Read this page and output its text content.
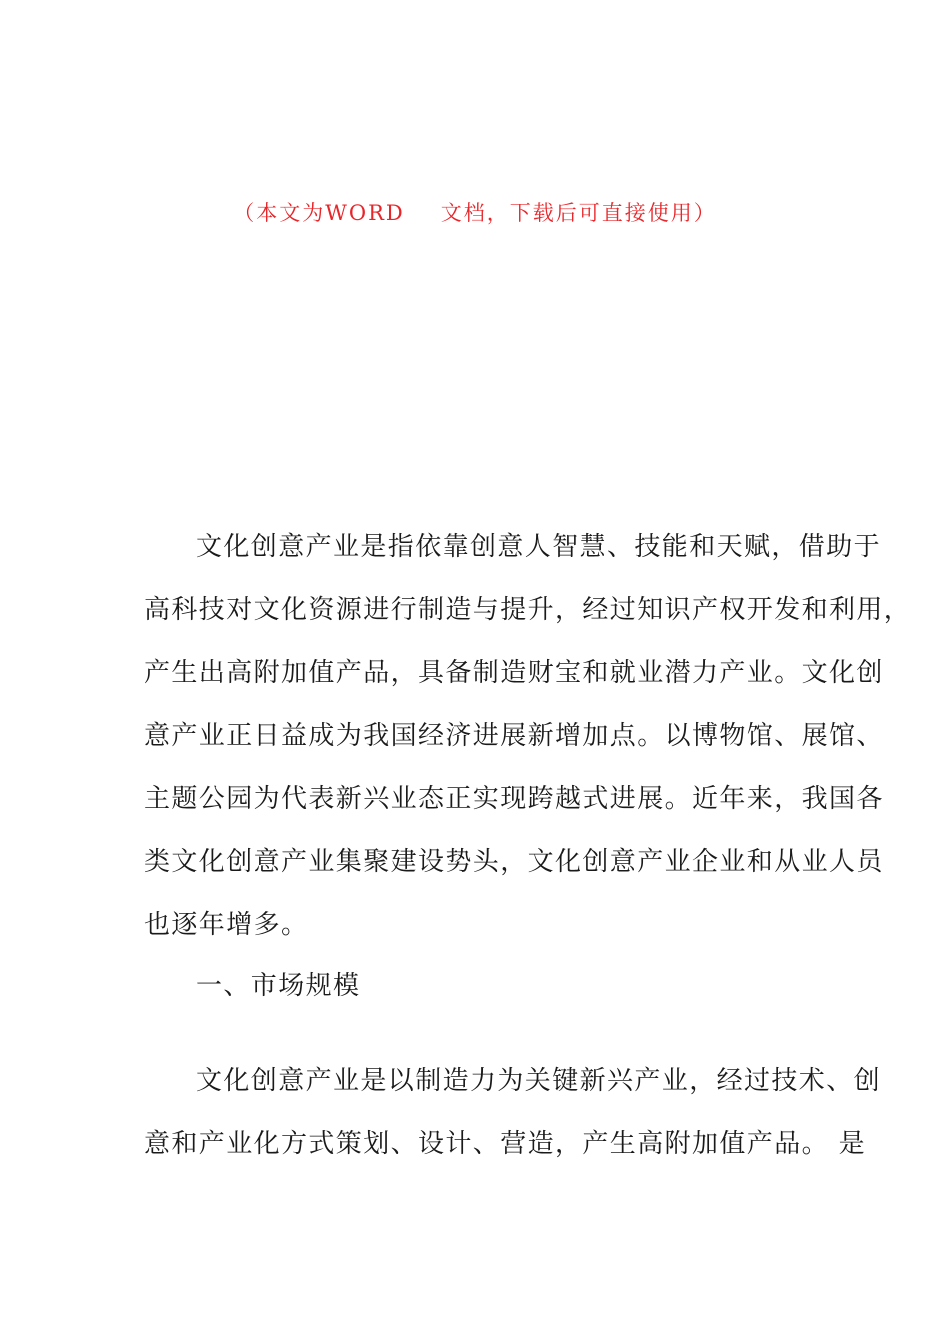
（本文为WORD 文档，下载后可直接使用）
文化创意产业是指依靠创意人智慧、技能和天赋，借助于
高科技对文化资源进行制造与提升，经过知识产权开发和利用，
产生出高附加值产品，具备制造财宝和就业潜力产业。文化创
意产业正日益成为我国经济进展新增加点。以博物馆、展馆、
主题公园为代表新兴业态正实现跨越式进展。近年来，我国各
类文化创意产业集聚建设势头，文化创意产业企业和从业人员
也逐年增多。
一、市场规模
文化创意产业是以制造力为关键新兴产业，经过技术、创
意和产业化方式策划、设计、营造，产生高附加值产品。 是
